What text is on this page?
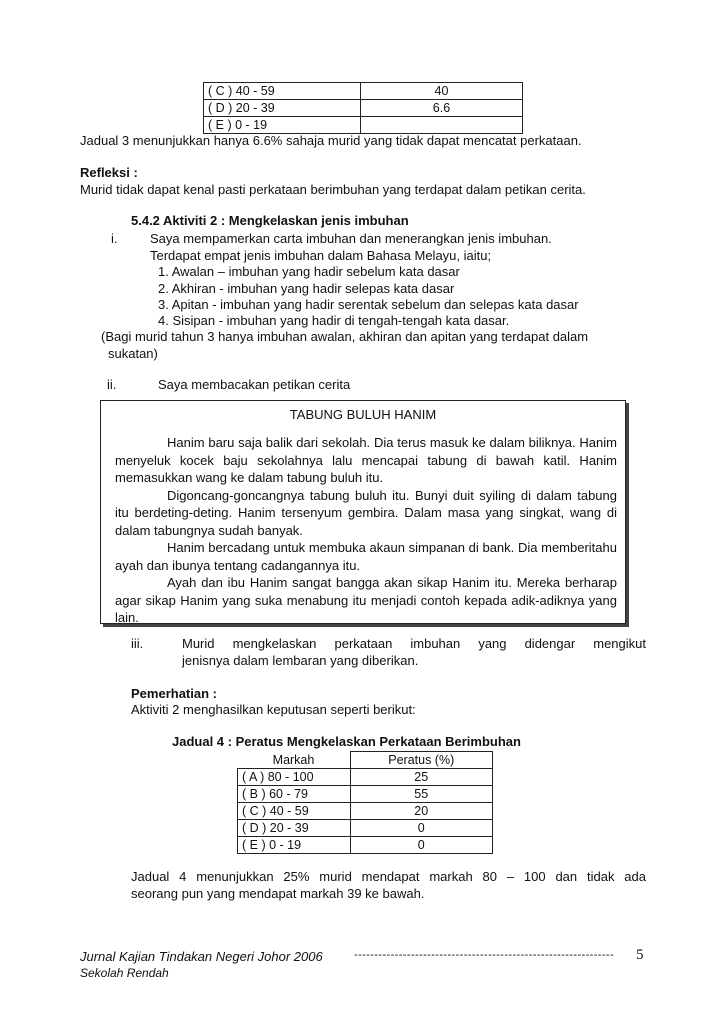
( C ) 40 - 59	40
( D ) 20 - 39	6.6
( E ) 0 - 19	
Jadual 3 menunjukkan hanya 6.6% sahaja murid yang tidak dapat mencatat perkataan.
Refleksi :
Murid tidak dapat kenal pasti perkataan berimbuhan yang terdapat dalam petikan cerita.
5.4.2 Aktiviti 2 : Mengkelaskan jenis imbuhan
i.	Saya mempamerkan carta imbuhan dan menerangkan jenis imbuhan.
Terdapat empat jenis imbuhan dalam Bahasa Melayu, iaitu;
1. Awalan – imbuhan yang hadir sebelum kata dasar
2. Akhiran - imbuhan yang hadir selepas kata dasar
3. Apitan - imbuhan yang hadir serentak sebelum dan selepas kata dasar
4. Sisipan - imbuhan yang hadir di tengah-tengah kata dasar.
(Bagi murid tahun 3 hanya imbuhan awalan, akhiran dan apitan yang terdapat dalam
sukatan)
ii.	Saya membacakan petikan cerita
TABUNG BULUH HANIM

Hanim baru saja balik dari sekolah. Dia terus masuk ke dalam biliknya. Hanim menyeluk kocek baju sekolahnya lalu mencapai tabung di bawah katil. Hanim memasukkan wang ke dalam tabung buluh itu.

Digoncang-goncangnya tabung buluh itu. Bunyi duit syiling di dalam tabung itu berdeting-deting. Hanim tersenyum gembira. Dalam masa yang singkat, wang di dalam tabungnya sudah banyak.

Hanim bercadang untuk membuka akaun simpanan di bank. Dia memberitahu ayah dan ibunya tentang cadangannya itu.

Ayah dan ibu Hanim sangat bangga akan sikap Hanim itu. Mereka berharap agar sikap Hanim yang suka menabung itu menjadi contoh kepada adik-adiknya yang lain.

iii.	Murid mengkelaskan perkataan imbuhan yang didengar mengikut
jenisnya dalam lembaran yang diberikan.
Pemerhatian :
Aktiviti 2 menghasilkan keputusan seperti berikut:
Jadual 4 : Peratus Mengkelaskan Perkataan Berimbuhan
Markah	Peratus (%)
( A ) 80 - 100	25
( B ) 60 - 79	55
( C ) 40 - 59	20
( D ) 20 - 39	0
( E ) 0 - 19	0
Jadual 4 menunjukkan 25% murid mendapat markah 80 – 100 dan tidak ada
seorang pun yang mendapat markah 39 ke bawah.
Jurnal Kajian Tindakan Negeri Johor 2006	----------------------------------------------------------------	5
Sekolah Rendah
